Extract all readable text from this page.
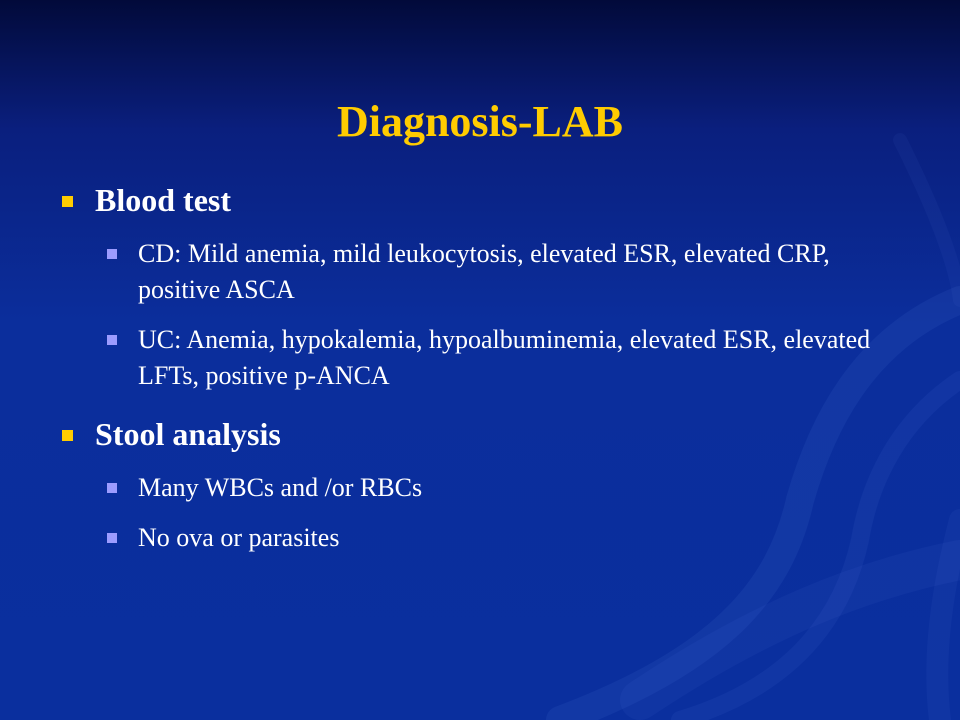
Diagnosis-LAB
Blood test
CD: Mild anemia, mild leukocytosis, elevated ESR, elevated CRP, positive ASCA
UC: Anemia, hypokalemia, hypoalbuminemia, elevated ESR, elevated LFTs, positive p-ANCA
Stool analysis
Many WBCs and /or RBCs
No ova or parasites
